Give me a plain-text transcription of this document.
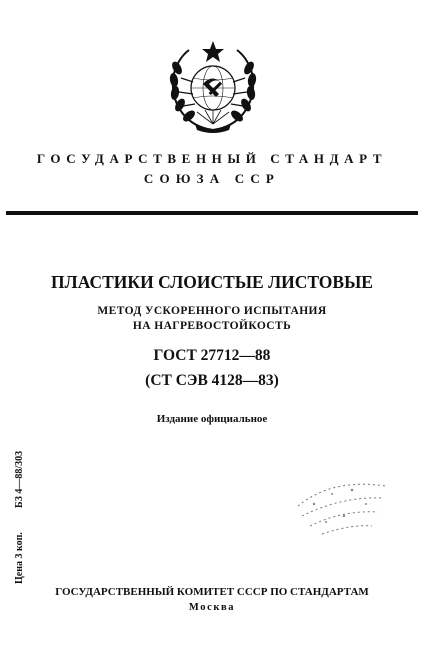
ГОСУДАРСТВЕННЫЙ СТАНДАРТ
СОЮЗА ССР
ПЛАСТИКИ СЛОИСТЫЕ ЛИСТОВЫЕ
МЕТОД УСКОРЕННОГО ИСПЫТАНИЯ
НА НАГРЕВОСТОЙКОСТЬ
ГОСТ 27712—88
(СТ СЭВ 4128—83)
Издание официальное
Цена 3 коп.
БЗ 4—88/303
ГОСУДАРСТВЕННЫЙ КОМИТЕТ СССР ПО СТАНДАРТАМ
Москва
